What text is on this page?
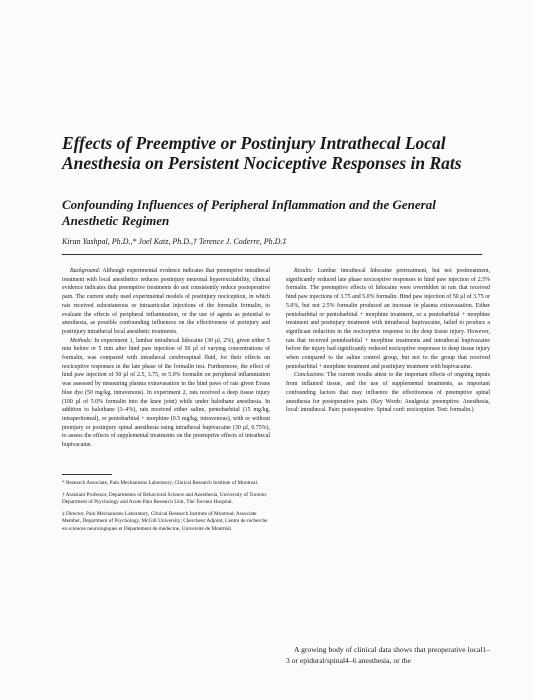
Effects of Preemptive or Postinjury Intrathecal Local Anesthesia on Persistent Nociceptive Responses in Rats
Confounding Influences of Peripheral Inflammation and the General Anesthetic Regimen
Kiran Yashpal, Ph.D.,* Joel Katz, Ph.D.,† Terence J. Coderre, Ph.D.‡

Background: Although experimental evidence indicates that preemptive intrathecal treatment with local anesthetics reduces postinjury neuronal hyperexcitability, clinical evidence indicates that preemptive treatments do not consistently reduce postoperative pain. The current study used experimental models of postinjury nociception, in which rats received subcutaneous or intraarticular injections of the formalin formalin, to evaluate the effects of peripheral inflammation, or the use of agents as potential to anesthesia, as possible confounding influences on the effectiveness of preinjury and postinjury intrathecal local anesthetic treatments.

Methods: In experiment 1, lumbar intrathecal lidocaine (30 µl, 2%), given either 5 min before or 5 min after hind paw injection of 50 µl of varying concentrations of formalin, was compared with intrathecal cerebrospinal fluid, for their effects on nociceptive responses in the late phase of the formalin test. Furthermore, the effect of hind paw injection of 50 µl of 2.5, 3.75, or 5.0% formalin on peripheral inflammation was assessed by measuring plasma extravasation in the hind paws of rats given Evans blue dye (50 mg/kg, intravenous). In experiment 2, rats received a deep tissue injury (100 µl of 5.0% formalin into the knee joint) while under halothane anesthesia. In addition to halothane (3–4%), rats received either saline, pentobarbital (15 mg/kg, intraperitoneal), or pentobarbital + morphine (0.5 mg/kg, intravenous), with or without preinjury or postinjury spinal anesthesia using intrathecal bupivacaine (30 µl, 0.75%), to assess the effects of supplemental treatments on the preemptive effects of intrathecal bupivacaine.

* Research Associate, Pain Mechanisms Laboratory, Clinical Research Institute of Montreal.

† Assistant Professor, Departments of Behavioral Science and Anesthesia, University of Toronto; Department of Psychology and Acute Pain Research Unit, The Toronto Hospital.

‡ Director, Pain Mechanisms Laboratory, Clinical Research Institute of Montreal; Associate Member, Department of Psychology, McGill University; Chercheur Adjoint, Centre de recherche en sciences neurologiques et Département de médecine, Université de Montréal.

Results: Lumbar intrathecal lidocaine pretreatment, but not posttreatment, significantly reduced late phase nociceptive responses to hind paw injection of 2.5% formalin. The preemptive effects of lidocaine were overridden in rats that received hind paw injections of 3.75 and 5.0% formalin. Hind paw injection of 50 µl of 3.75 or 5.0%, but not 2.5% formalin produced an increase in plasma extravasation. Either pentobarbital or pentobarbital + morphine treatment, or a pentobarbital + morphine treatment and postinjury treatment with intrathecal bupivacaine, failed to produce a significant reduction in the nociceptive response to the deep tissue injury. However, rats that received pentobarbital + morphine treatments and intrathecal bupivacaine before the injury had significantly reduced nociceptive responses to deep tissue injury when compared to the saline control group, but not to the group that received pentobarbital + morphine treatment and postinjury treatment with bupivacaine.

Conclusions: The current results attest to the important effects of ongoing inputs from inflamed tissue, and the use of supplemental treatments, as important confounding factors that may influence the effectiveness of preemptive spinal anesthesia for postoperative pain. (Key Words: Analgesia: preemptive. Anesthesia, local: intrathecal. Pain: postoperative. Spinal cord: nociception. Test: formalin.)

A growing body of clinical data shows that preoperative local1–3 or epidural/spinal4–6 anesthesia, or the
